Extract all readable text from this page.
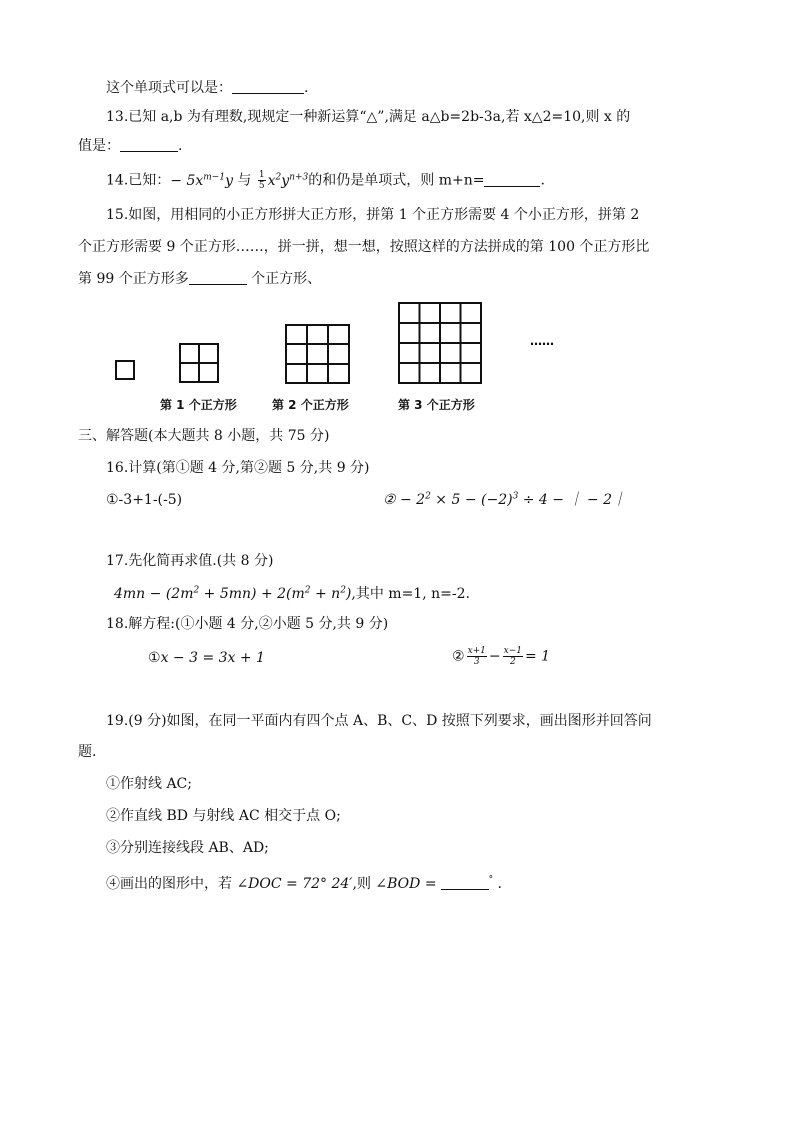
这个单项式可以是：	.
13.已知 a,b 为有理数,现规定一种新运算“△”,满足 a△b=2b-3a,若 x△2=10,则 x 的
值是：	.
14.已知：− $5x^{m-1}y$ 与 $\frac{1}{5} x^2y^{n+3}$的和仍是单项式，则 m+n=	.
15.如图，用相同的小正方形拼大正方形，拼第 1 个正方形需要 4 个小正方形，拼第 2
个正方形需要 9 个正方形……，拼一拼，想一想，按照这样的方法拼成的第 100 个正方形比
第 99 个正方形多	个正方形、
……
第 1 个正方形	第 2 个正方形	第 3 个正方形
三、解答题(本大题共 8 小题，共 75 分)
16.计算(第①题 4 分,第②题 5 分,共 9 分)
①-3+1-(-5)	② − $2^2 \times 5 - (-2)^3 \div 4$ − ｜ − 2｜
17.先化简再求值.(共 8 分)
$4mn - (2m^2 + 5mn) + 2(m^2 + n^2)$,其中 m=1, n=-2.
18.解方程:(①小题 4 分,②小题 5 分,共 9 分)
①x − 3 = 3x + 1	② $\frac{x+1}{3} - \frac{x-1}{2} = 1$
19.(9 分)如图，在同一平面内有四个点 A、B、C、D 按照下列要求，画出图形并回答问
题.
①作射线 AC;
②作直线 BD 与射线 AC 相交于点 O;
③分别连接线段 AB、AD;
④画出的图形中，若 ∠DOC = 72° 24′,则 ∠BOD =	° .
